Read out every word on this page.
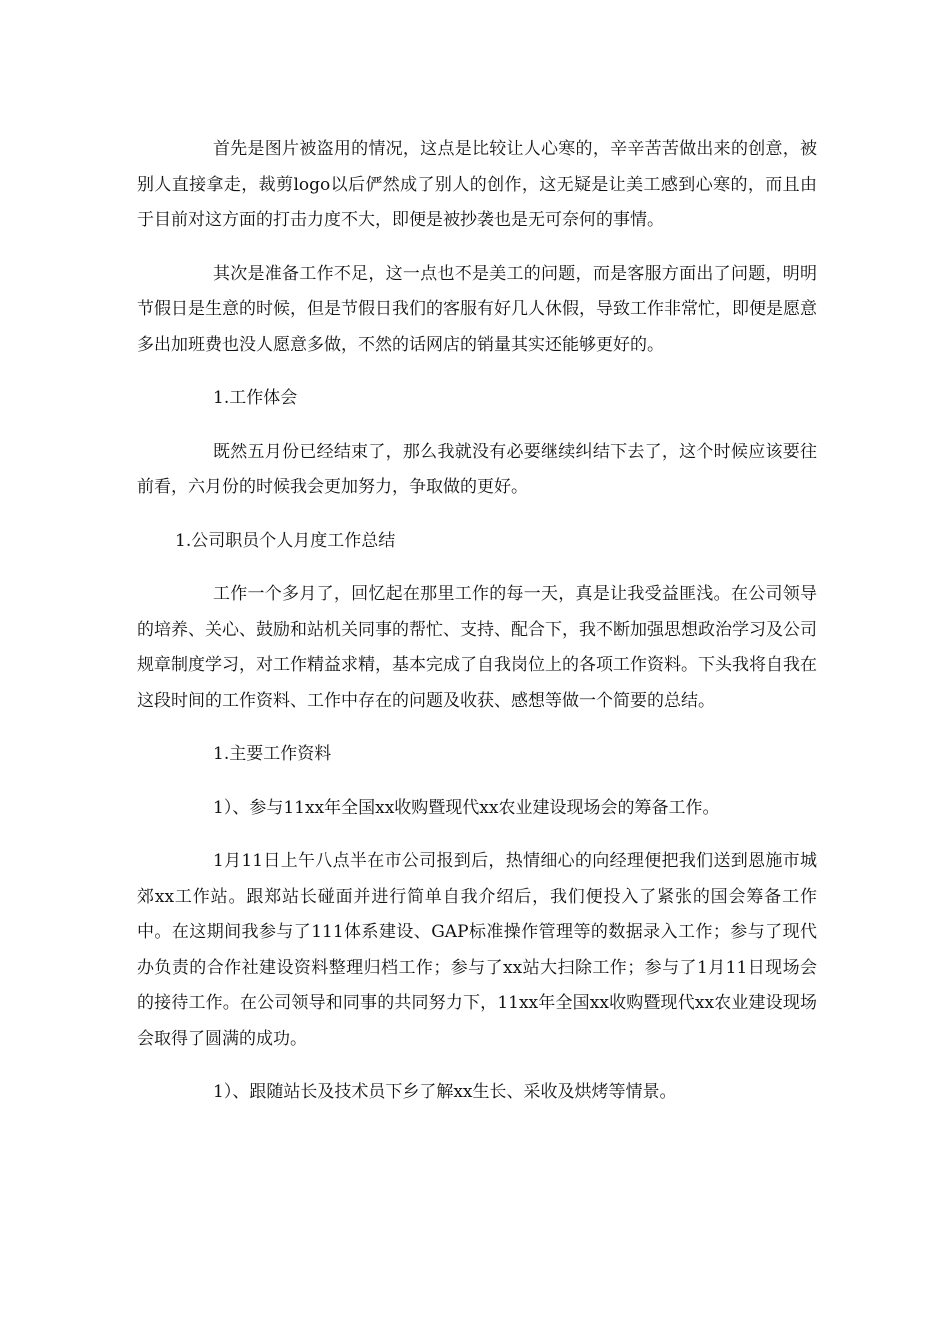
首先是图片被盗用的情况，这点是比较让人心寒的，辛辛苦苦做出来的创意，被别人直接拿走，裁剪logo以后俨然成了别人的创作，这无疑是让美工感到心寒的，而且由于目前对这方面的打击力度不大，即便是被抄袭也是无可奈何的事情。

其次是准备工作不足，这一点也不是美工的问题，而是客服方面出了问题，明明节假日是生意的时候，但是节假日我们的客服有好几人休假，导致工作非常忙，即便是愿意多出加班费也没人愿意多做，不然的话网店的销量其实还能够更好的。

1.工作体会

既然五月份已经结束了，那么我就没有必要继续纠结下去了，这个时候应该要往前看，六月份的时候我会更加努力，争取做的更好。

1.公司职员个人月度工作总结

工作一个多月了，回忆起在那里工作的每一天，真是让我受益匪浅。在公司领导的培养、关心、鼓励和站机关同事的帮忙、支持、配合下，我不断加强思想政治学习及公司规章制度学习，对工作精益求精，基本完成了自我岗位上的各项工作资料。下头我将自我在这段时间的工作资料、工作中存在的问题及收获、感想等做一个简要的总结。

1.主要工作资料

1）、参与11xx年全国xx收购暨现代xx农业建设现场会的筹备工作。

1月11日上午八点半在市公司报到后，热情细心的向经理便把我们送到恩施市城郊xx工作站。跟郑站长碰面并进行简单自我介绍后，我们便投入了紧张的国会筹备工作中。在这期间我参与了111体系建设、GAP标准操作管理等的数据录入工作；参与了现代办负责的合作社建设资料整理归档工作；参与了xx站大扫除工作；参与了1月11日现场会的接待工作。在公司领导和同事的共同努力下，11xx年全国xx收购暨现代xx农业建设现场会取得了圆满的成功。

1）、跟随站长及技术员下乡了解xx生长、采收及烘烤等情景。
